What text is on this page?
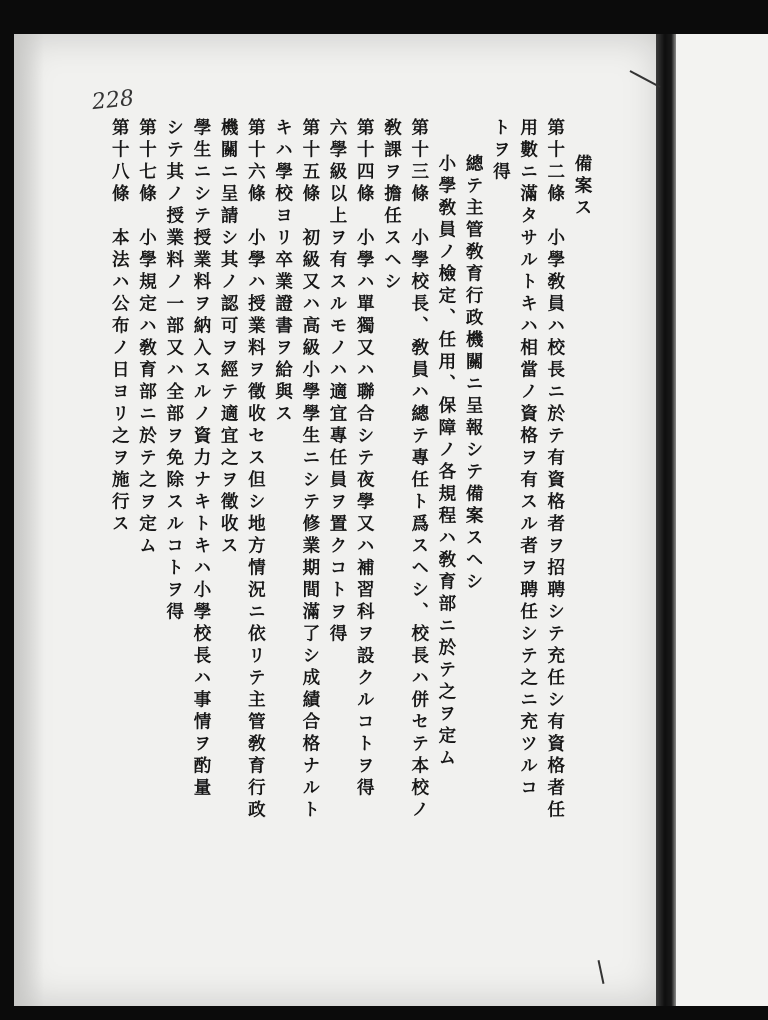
228
備案ス
第十二條　小學敎員ハ校長ニ於テ有資格者ヲ招聘シテ充任シ有資格者任
用數ニ滿タサルトキハ相當ノ資格ヲ有スル者ヲ聘任シテ之ニ充ツルコ
トヲ得
總テ主管敎育行政機關ニ呈報シテ備案スヘシ
小學敎員ノ檢定、任用、保障ノ各規程ハ敎育部ニ於テ之ヲ定ム
第十三條　小學校長、敎員ハ總テ專任ト爲スヘシ、校長ハ併セテ本校ノ
敎課ヲ擔任スヘシ
第十四條　小學ハ單獨又ハ聯合シテ夜學又ハ補習科ヲ設クルコトヲ得
六學級以上ヲ有スルモノハ適宜專任員ヲ置クコトヲ得
第十五條　初級又ハ高級小學學生ニシテ修業期間滿了シ成績合格ナルト
キハ學校ヨリ卒業證書ヲ給與ス
第十六條　小學ハ授業料ヲ徵收セス但シ地方情況ニ依リテ主管敎育行政
機關ニ呈請シ其ノ認可ヲ經テ適宜之ヲ徵收ス
學生ニシテ授業料ヲ納入スルノ資力ナキトキハ小學校長ハ事情ヲ酌量
シテ其ノ授業料ノ一部又ハ全部ヲ免除スルコトヲ得
第十七條　小學規定ハ敎育部ニ於テ之ヲ定ム
第十八條　本法ハ公布ノ日ヨリ之ヲ施行ス
